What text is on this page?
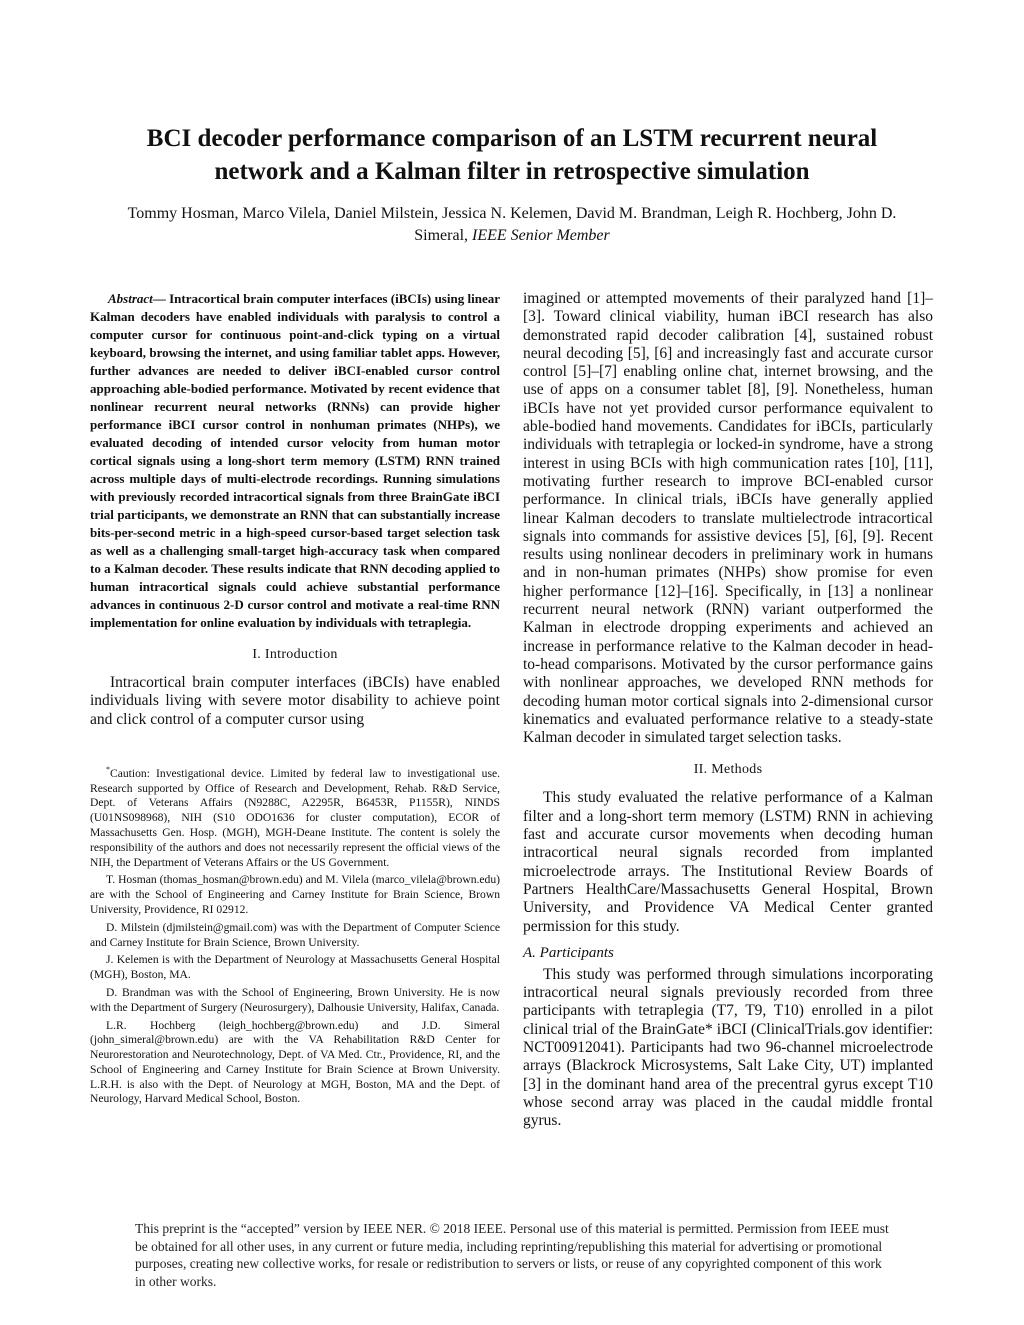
BCI decoder performance comparison of an LSTM recurrent neural
network and a Kalman filter in retrospective simulation
Tommy Hosman, Marco Vilela, Daniel Milstein, Jessica N. Kelemen, David M. Brandman, Leigh R. Hochberg, John D. Simeral, IEEE Senior Member

Abstract— Intracortical brain computer interfaces (iBCIs) using linear Kalman decoders have enabled individuals with paralysis to control a computer cursor for continuous point-and-click typing on a virtual keyboard, browsing the internet, and using familiar tablet apps. However, further advances are needed to deliver iBCI-enabled cursor control approaching able-bodied performance. Motivated by recent evidence that nonlinear recurrent neural networks (RNNs) can provide higher performance iBCI cursor control in nonhuman primates (NHPs), we evaluated decoding of intended cursor velocity from human motor cortical signals using a long-short term memory (LSTM) RNN trained across multiple days of multi-electrode recordings. Running simulations with previously recorded intracortical signals from three BrainGate iBCI trial participants, we demonstrate an RNN that can substantially increase bits-per-second metric in a high-speed cursor-based target selection task as well as a challenging small-target high-accuracy task when compared to a Kalman decoder. These results indicate that RNN decoding applied to human intracortical signals could achieve substantial performance advances in continuous 2-D cursor control and motivate a real-time RNN implementation for online evaluation by individuals with tetraplegia.

I. Introduction

Intracortical brain computer interfaces (iBCIs) have enabled individuals living with severe motor disability to achieve point and click control of a computer cursor using

*Caution: Investigational device. Limited by federal law to investigational use. Research supported by Office of Research and Development, Rehab. R&D Service, Dept. of Veterans Affairs (N9288C, A2295R, B6453R, P1155R), NINDS (U01NS098968), NIH (S10 ODO1636 for cluster computation), ECOR of Massachusetts Gen. Hosp. (MGH), MGH-Deane Institute. The content is solely the responsibility of the authors and does not necessarily represent the official views of the NIH, the Department of Veterans Affairs or the US Government.

T. Hosman (thomas_hosman@brown.edu) and M. Vilela (marco_vilela@brown.edu) are with the School of Engineering and Carney Institute for Brain Science, Brown University, Providence, RI 02912.

D. Milstein (djmilstein@gmail.com) was with the Department of Computer Science and Carney Institute for Brain Science, Brown University.

J. Kelemen is with the Department of Neurology at Massachusetts General Hospital (MGH), Boston, MA.

D. Brandman was with the School of Engineering, Brown University. He is now with the Department of Surgery (Neurosurgery), Dalhousie University, Halifax, Canada.

L.R. Hochberg (leigh_hochberg@brown.edu) and J.D. Simeral (john_simeral@brown.edu) are with the VA Rehabilitation R&D Center for Neurorestoration and Neurotechnology, Dept. of VA Med. Ctr., Providence, RI, and the School of Engineering and Carney Institute for Brain Science at Brown University. L.R.H. is also with the Dept. of Neurology at MGH, Boston, MA and the Dept. of Neurology, Harvard Medical School, Boston.

imagined or attempted movements of their paralyzed hand [1]–[3]. Toward clinical viability, human iBCI research has also demonstrated rapid decoder calibration [4], sustained robust neural decoding [5], [6] and increasingly fast and accurate cursor control [5]–[7] enabling online chat, internet browsing, and the use of apps on a consumer tablet [8], [9]. Nonetheless, human iBCIs have not yet provided cursor performance equivalent to able-bodied hand movements. Candidates for iBCIs, particularly individuals with tetraplegia or locked-in syndrome, have a strong interest in using BCIs with high communication rates [10], [11], motivating further research to improve BCI-enabled cursor performance. In clinical trials, iBCIs have generally applied linear Kalman decoders to translate multielectrode intracortical signals into commands for assistive devices [5], [6], [9]. Recent results using nonlinear decoders in preliminary work in humans and in non-human primates (NHPs) show promise for even higher performance [12]–[16]. Specifically, in [13] a nonlinear recurrent neural network (RNN) variant outperformed the Kalman in electrode dropping experiments and achieved an increase in performance relative to the Kalman decoder in head-to-head comparisons. Motivated by the cursor performance gains with nonlinear approaches, we developed RNN methods for decoding human motor cortical signals into 2-dimensional cursor kinematics and evaluated performance relative to a steady-state Kalman decoder in simulated target selection tasks.

II. Methods

This study evaluated the relative performance of a Kalman filter and a long-short term memory (LSTM) RNN in achieving fast and accurate cursor movements when decoding human intracortical neural signals recorded from implanted microelectrode arrays. The Institutional Review Boards of Partners HealthCare/Massachusetts General Hospital, Brown University, and Providence VA Medical Center granted permission for this study.

A. Participants

This study was performed through simulations incorporating intracortical neural signals previously recorded from three participants with tetraplegia (T7, T9, T10) enrolled in a pilot clinical trial of the BrainGate* iBCI (ClinicalTrials.gov identifier: NCT00912041). Participants had two 96-channel microelectrode arrays (Blackrock Microsystems, Salt Lake City, UT) implanted [3] in the dominant hand area of the precentral gyrus except T10 whose second array was placed in the caudal middle frontal gyrus.

This preprint is the “accepted” version by IEEE NER. © 2018 IEEE. Personal use of this material is permitted. Permission from IEEE must be obtained for all other uses, in any current or future media, including reprinting/republishing this material for advertising or promotional purposes, creating new collective works, for resale or redistribution to servers or lists, or reuse of any copyrighted component of this work in other works.
